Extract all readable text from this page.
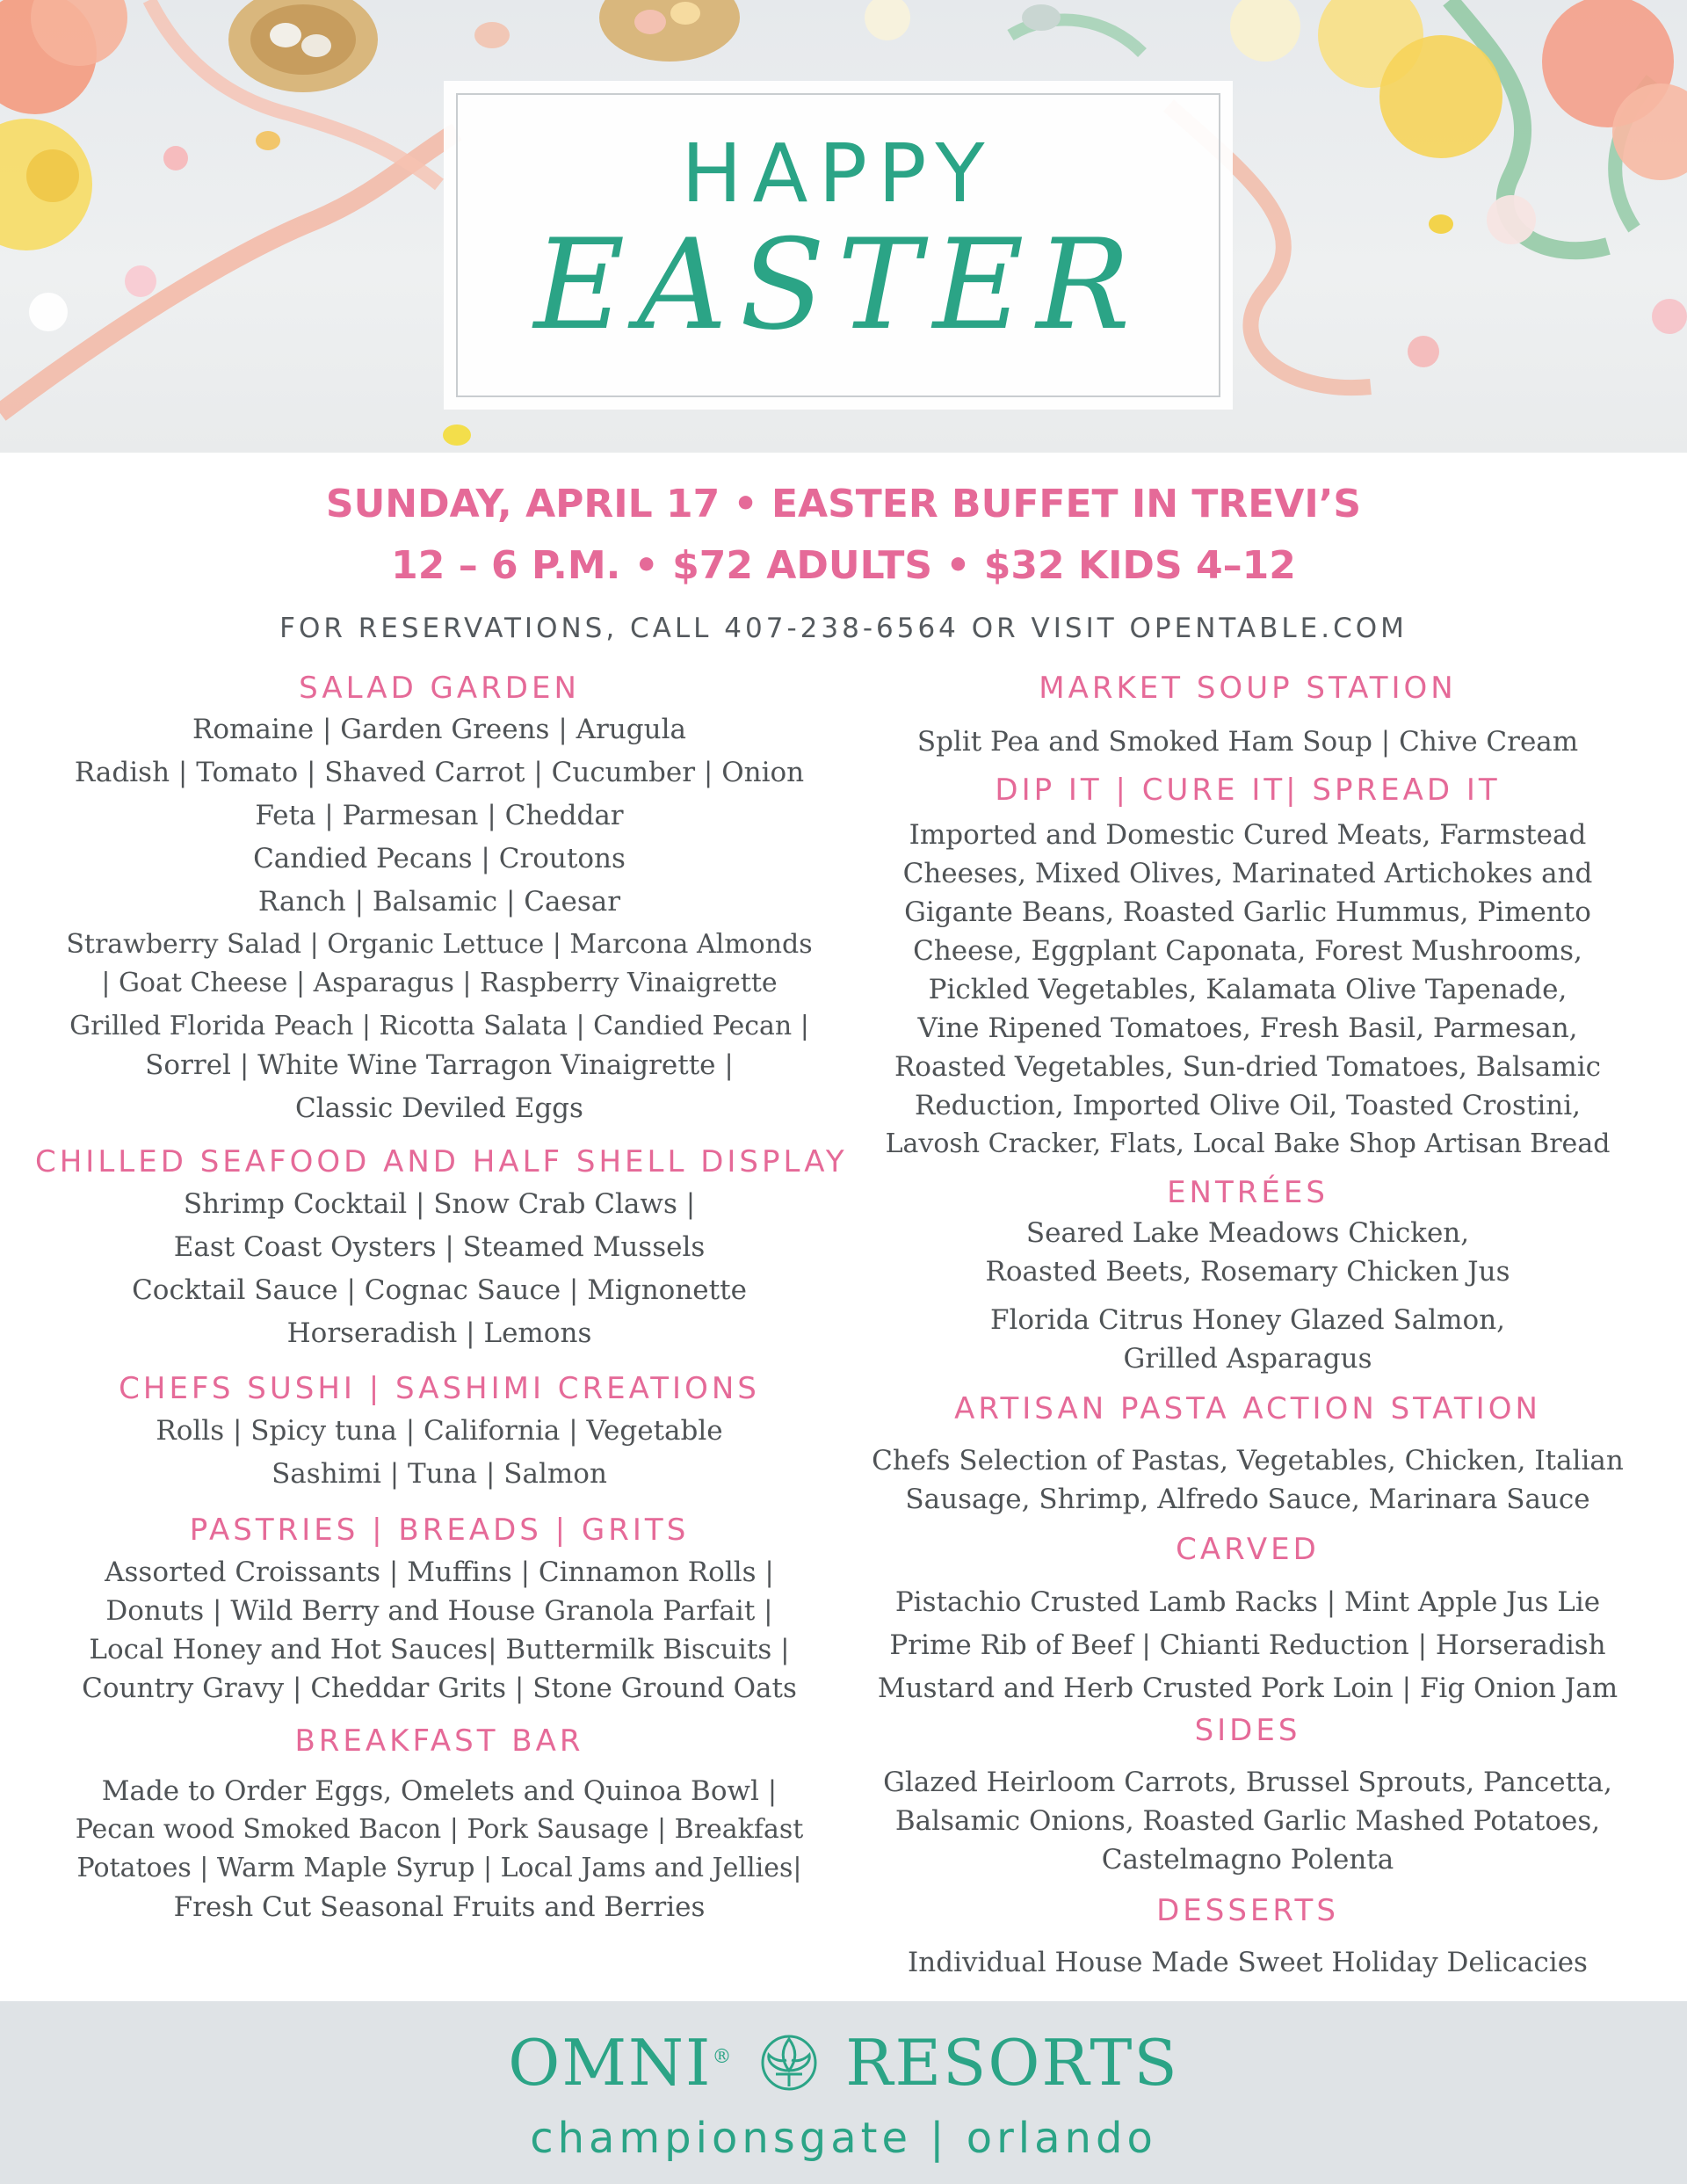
HAPPY
EASTER
SUNDAY, APRIL 17 • EASTER BUFFET IN TREVI’S
12 – 6 P.M. • $72 ADULTS • $32 KIDS 4–12
FOR RESERVATIONS, CALL 407-238-6564 OR VISIT OPENTABLE.COM
SALAD GARDEN
Romaine | Garden Greens | Arugula
Radish | Tomato | Shaved Carrot | Cucumber | Onion
Feta | Parmesan | Cheddar
Candied Pecans | Croutons
Ranch | Balsamic | Caesar
Strawberry Salad | Organic Lettuce | Marcona Almonds
| Goat Cheese | Asparagus | Raspberry Vinaigrette
Grilled Florida Peach | Ricotta Salata | Candied Pecan |
Sorrel | White Wine Tarragon Vinaigrette |
Classic Deviled Eggs
CHILLED SEAFOOD AND HALF SHELL DISPLAY
Shrimp Cocktail | Snow Crab Claws |
East Coast Oysters | Steamed Mussels
Cocktail Sauce | Cognac Sauce | Mignonette
Horseradish | Lemons
CHEFS SUSHI | SASHIMI CREATIONS
Rolls | Spicy tuna | California | Vegetable
Sashimi | Tuna | Salmon
PASTRIES | BREADS | GRITS
Assorted Croissants | Muffins | Cinnamon Rolls |
Donuts | Wild Berry and House Granola Parfait |
Local Honey and Hot Sauces| Buttermilk Biscuits |
Country Gravy | Cheddar Grits | Stone Ground Oats
BREAKFAST BAR
Made to Order Eggs, Omelets and Quinoa Bowl |
Pecan wood Smoked Bacon | Pork Sausage | Breakfast
Potatoes | Warm Maple Syrup | Local Jams and Jellies|
Fresh Cut Seasonal Fruits and Berries
MARKET SOUP STATION
Split Pea and Smoked Ham Soup | Chive Cream
DIP IT | CURE IT| SPREAD IT
Imported and Domestic Cured Meats, Farmstead
Cheeses, Mixed Olives, Marinated Artichokes and
Gigante Beans, Roasted Garlic Hummus, Pimento
Cheese, Eggplant Caponata, Forest Mushrooms,
Pickled Vegetables, Kalamata Olive Tapenade,
Vine Ripened Tomatoes, Fresh Basil, Parmesan,
Roasted Vegetables, Sun-dried Tomatoes, Balsamic
Reduction, Imported Olive Oil, Toasted Crostini,
Lavosh Cracker, Flats, Local Bake Shop Artisan Bread
ENTRÉES
Seared Lake Meadows Chicken,
Roasted Beets, Rosemary Chicken Jus
Florida Citrus Honey Glazed Salmon,
Grilled Asparagus
ARTISAN PASTA ACTION STATION
Chefs Selection of Pastas, Vegetables, Chicken, Italian
Sausage, Shrimp, Alfredo Sauce, Marinara Sauce
CARVED
Pistachio Crusted Lamb Racks | Mint Apple Jus Lie
Prime Rib of Beef | Chianti Reduction | Horseradish
Mustard and Herb Crusted Pork Loin | Fig Onion Jam
SIDES
Glazed Heirloom Carrots, Brussel Sprouts, Pancetta,
Balsamic Onions, Roasted Garlic Mashed Potatoes,
Castelmagno Polenta
DESSERTS
Individual House Made Sweet Holiday Delicacies
OMNI® RESORTS
championsgate | orlando
